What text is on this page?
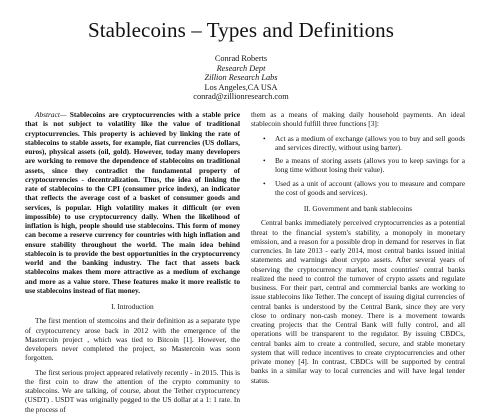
Stablecoins – Types and Definitions
Conrad Roberts
Research Dept
Zillion Research Labs
Los Angeles,CA USA
conrad@zillionresearch.com
Abstract— Stablecoins are cryptocurrencies with a stable price that is not subject to volatility like the value of traditional cryptocurrencies. This property is achieved by linking the rate of stablecoins to stable assets, for example, fiat currencies (US dollars, euros), physical assets (oil, gold). However, today many developers are working to remove the dependence of stablecoins on traditional assets, since they contradict the fundamental property of cryptocurrencies - decentralization. Thus, the idea of linking the rate of stablecoins to the CPI (consumer price index), an indicator that reflects the average cost of a basket of consumer goods and services, is popular. High volatility makes it difficult (or even impossible) to use cryptocurrency daily. When the likelihood of inflation is high, people should use stablecoins. This form of money can become a reserve currency for countries with high inflation and ensure stability throughout the world. The main idea behind stablecoin is to provide the best opportunities in the cryptocurrency world and the banking industry. The fact that assets back stablecoins makes them more attractive as a medium of exchange and more as a value store. These features make it more realistic to use stablecoins instead of fiat money.
I. Introduction
The first mention of stemcoins and their definition as a separate type of cryptocurrency arose back in 2012 with the emergence of the Mastercoin project , which was tied to Bitcoin [1]. However, the developers never completed the project, so Mastercoin was soon forgotten.
The first serious project appeared relatively recently - in 2015. This is the first coin to draw the attention of the crypto community to stablecoins. We are talking, of course, about the Tether cryptocurrency (USDT) . USDT was originally pegged to the US dollar at a 1: 1 rate. In the process of
them as a means of making daily household payments. An ideal stablecoin should fulfill three functions [3]:
• Act as a medium of exchange (allows you to buy and sell goods and services directly, without using barter).
• Be a means of storing assets (allows you to keep savings for a long time without losing their value).
• Used as a unit of account (allows you to measure and compare the cost of goods and services).
II. Government and bank stablecoins
Central banks immediately perceived cryptocurrencies as a potential threat to the financial system's stability, a monopoly in monetary emission, and a reason for a possible drop in demand for reserves in fiat currencies. In late 2013 - early 2014, most central banks issued initial statements and warnings about crypto assets. After several years of observing the cryptocurrency market, most countries' central banks realized the need to control the turnover of crypto assets and regulate business. For their part, central and commercial banks are working to issue stablecoins like Tether. The concept of issuing digital currencies of central banks is understood by the Central Bank, since they are very close to ordinary non-cash money. There is a movement towards creating projects that the Central Bank will fully control, and all operations will be transparent to the regulator. By issuing CBDCs, central banks aim to create a controlled, secure, and stable monetary system that will reduce incentives to create cryptocurrencies and other private money [4]. In contrast, CBDCs will be supported by central banks in a similar way to local currencies and will have legal tender status.
